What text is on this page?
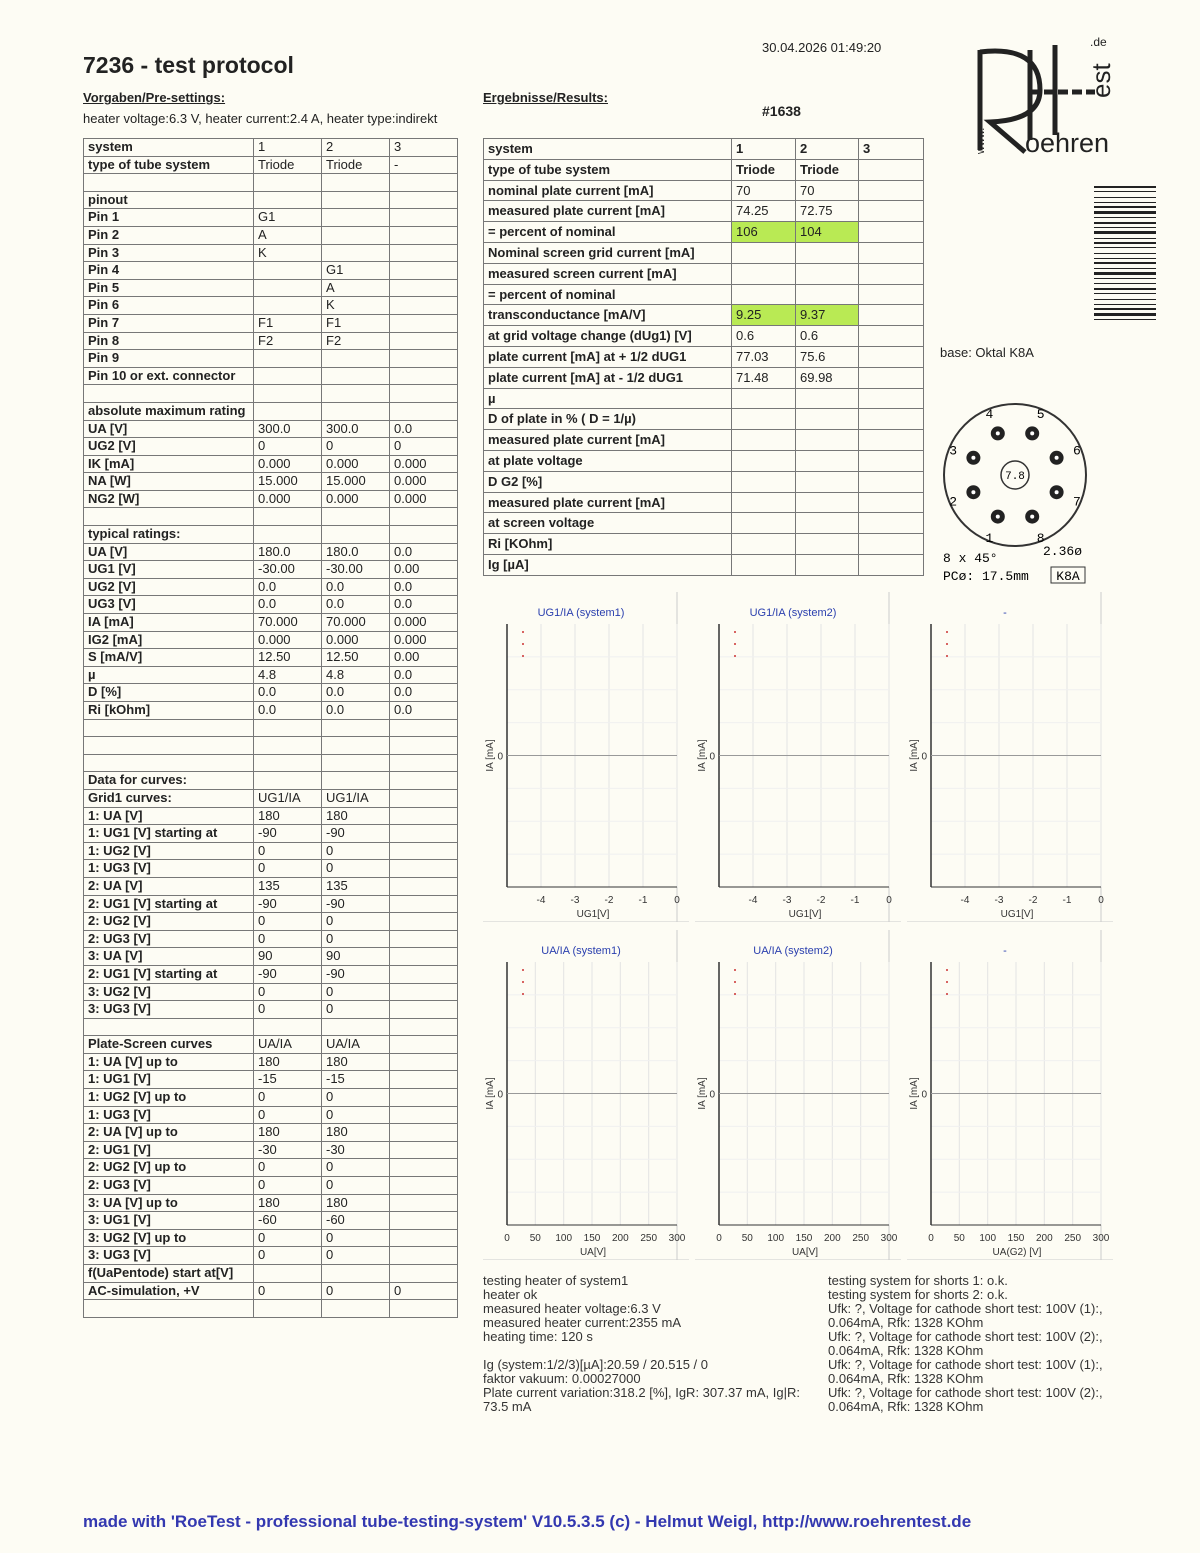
7236 - test protocol
30.04.2026 01:49:20
Vorgaben/Pre-settings:
heater voltage:6.3 V, heater current:2.4 A, heater type:indirekt
Ergebnisse/Results:
#1638
www. oehren
est
.de
system	1	2	3
type of tube system	Triode	Triode	-

pinout			
Pin 1	G1		
Pin 2	A		
Pin 3	K		
Pin 4		G1	
Pin 5		A	
Pin 6		K	
Pin 7	F1	F1	
Pin 8	F2	F2	
Pin 9			
Pin 10 or ext. connector			

absolute maximum rating			
UA [V]	300.0	300.0	0.0
UG2 [V]	0	0	0
IK [mA]	0.000	0.000	0.000
NA [W]	15.000	15.000	0.000
NG2 [W]	0.000	0.000	0.000

typical ratings:			
UA [V]	180.0	180.0	0.0
UG1 [V]	-30.00	-30.00	0.00
UG2 [V]	0.0	0.0	0.0
UG3 [V]	0.0	0.0	0.0
IA [mA]	70.000	70.000	0.000
IG2 [mA]	0.000	0.000	0.000
S [mA/V]	12.50	12.50	0.00
µ	4.8	4.8	0.0
D [%]	0.0	0.0	0.0
Ri [kOhm]	0.0	0.0	0.0

Data for curves:			
Grid1 curves:	UG1/IA	UG1/IA	
1: UA [V]	180	180	
1: UG1 [V] starting at	-90	-90	
1: UG2 [V]	0	0	
1: UG3 [V]	0	0	
2: UA [V]	135	135	
2: UG1 [V] starting at	-90	-90	
2: UG2 [V]	0	0	
2: UG3 [V]	0	0	
3: UA [V]	90	90	
2: UG1 [V] starting at	-90	-90	
3: UG2 [V]	0	0	
3: UG3 [V]	0	0	

Plate-Screen curves	UA/IA	UA/IA	
1: UA [V] up to	180	180	
1: UG1 [V]	-15	-15	
1: UG2 [V] up to	0	0	
1: UG3 [V]	0	0	
2: UA [V] up to	180	180	
2: UG1 [V]	-30	-30	
2: UG2 [V] up to	0	0	
2: UG3 [V]	0	0	
3: UA [V] up to	180	180	
3: UG1 [V]	-60	-60	
3: UG2 [V] up to	0	0	
3: UG3 [V]	0	0	
f(UaPentode) start at[V]			
AC-simulation, +V	0	0	0

system	1	2	3
type of tube system	Triode	Triode	
nominal plate current [mA]	70	70	
measured plate current [mA]	74.25	72.75	
= percent of nominal	106	104	
Nominal screen grid current [mA]			
measured screen current [mA]			
= percent of nominal			
transconductance [mA/V]	9.25	9.37	
at grid voltage change (dUg1) [V]	0.6	0.6	
plate current [mA] at + 1/2 dUG1	77.03	75.6	
plate current [mA] at - 1/2 dUG1	71.48	69.98	
µ			
D of plate in % ( D = 1/µ)			
measured plate current [mA]			
at plate voltage			
D G2 [%]			
measured plate current [mA]			
at screen voltage			
Ri [KOhm]			
Ig [µA]			
base: Oktal K8A
7.8
1
2
3
4	5
6
7
8
8 x 45°	2.36ø
PCø: 17.5mm K8A
-4	-3	-2	-1	0
0
UG1/IA (system1)
UG1[V]
IA [mA]
-4	-3	-2	-1	0
0
UG1/IA (system2)
UG1[V]
IA [mA]
-4	-3	-2	-1	0
0
-
UG1[V]
IA [mA]
0 50 100 150 200 250 300
0
UA/IA (system1)
UA[V]
IA [mA]
0 50 100 150 200 250 300
0
UA/IA (system2)
UA[V]
IA [mA]
0 50 100 150 200 250 300
0
-
UA(G2) [V]
IA [mA]
testing heater of system1
heater ok
measured heater voltage:6.3 V
measured heater current:2355 mA
heating time: 120 s
Ig (system:1/2/3)[µA]:20.59 / 20.515 / 0
faktor vakuum: 0.00027000
Plate current variation:318.2 [%], IgR: 307.37 mA, Ig|R: 73.5 mA
testing system for shorts 1: o.k.
testing system for shorts 2: o.k.
Ufk: ?, Voltage for cathode short test: 100V (1):,
0.064mA, Rfk: 1328 KOhm
Ufk: ?, Voltage for cathode short test: 100V (2):,
0.064mA, Rfk: 1328 KOhm
Ufk: ?, Voltage for cathode short test: 100V (1):,
0.064mA, Rfk: 1328 KOhm
Ufk: ?, Voltage for cathode short test: 100V (2):,
0.064mA, Rfk: 1328 KOhm
made with 'RoeTest - professional tube-testing-system' V10.5.3.5 (c) - Helmut Weigl, http://www.roehrentest.de
